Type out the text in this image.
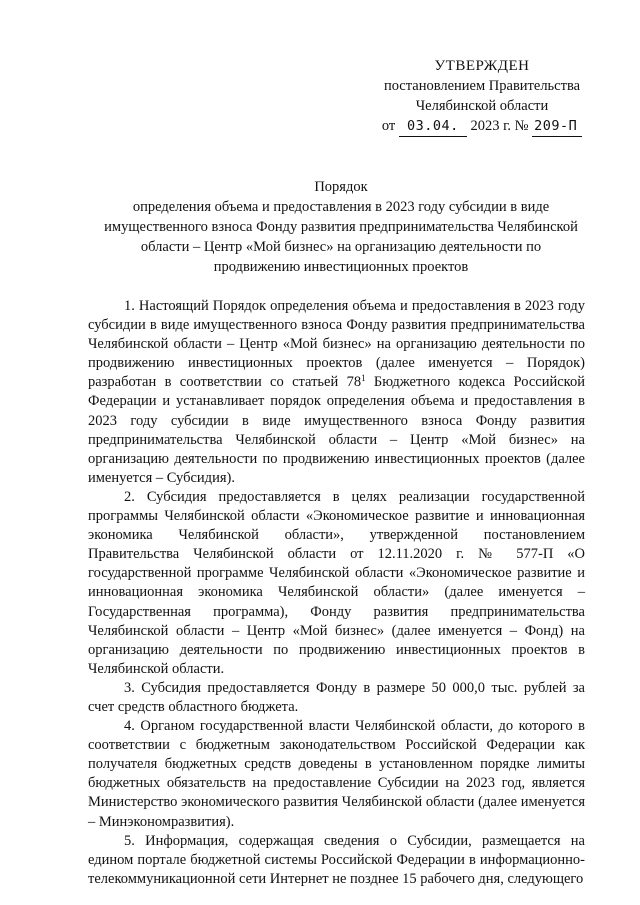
УТВЕРЖДЕН
постановлением Правительства
Челябинской области
от 03.04. 2023 г. № 209-П
Порядок
определения объема и предоставления в 2023 году субсидии в виде имущественного взноса Фонду развития предпринимательства Челябинской области – Центр «Мой бизнес» на организацию деятельности по продвижению инвестиционных проектов

1. Настоящий Порядок определения объема и предоставления в 2023 году субсидии в виде имущественного взноса Фонду развития предпринимательства Челябинской области – Центр «Мой бизнес» на организацию деятельности по продвижению инвестиционных проектов (далее именуется – Порядок) разработан в соответствии со статьей $78^1$ Бюджетного кодекса Российской Федерации и устанавливает порядок определения объема и предоставления в 2023 году субсидии в виде имущественного взноса Фонду развития предпринимательства Челябинской области – Центр «Мой бизнес» на организацию деятельности по продвижению инвестиционных проектов (далее именуется – Субсидия).

2. Субсидия предоставляется в целях реализации государственной программы Челябинской области «Экономическое развитие и инновационная экономика Челябинской области», утвержденной постановлением Правительства Челябинской области от 12.11.2020 г. № 577-П «О государственной программе Челябинской области «Экономическое развитие и инновационная экономика Челябинской области» (далее именуется – Государственная программа), Фонду развития предпринимательства Челябинской области – Центр «Мой бизнес» (далее именуется – Фонд) на организацию деятельности по продвижению инвестиционных проектов в Челябинской области.

3. Субсидия предоставляется Фонду в размере 50 000,0 тыс. рублей за счет средств областного бюджета.

4. Органом государственной власти Челябинской области, до которого в соответствии с бюджетным законодательством Российской Федерации как получателя бюджетных средств доведены в установленном порядке лимиты бюджетных обязательств на предоставление Субсидии на 2023 год, является Министерство экономического развития Челябинской области (далее именуется – Минэкономразвития).

5. Информация, содержащая сведения о Субсидии, размещается на едином портале бюджетной системы Российской Федерации в информационно-телекоммуникационной сети Интернет не позднее 15 рабочего дня, следующего
